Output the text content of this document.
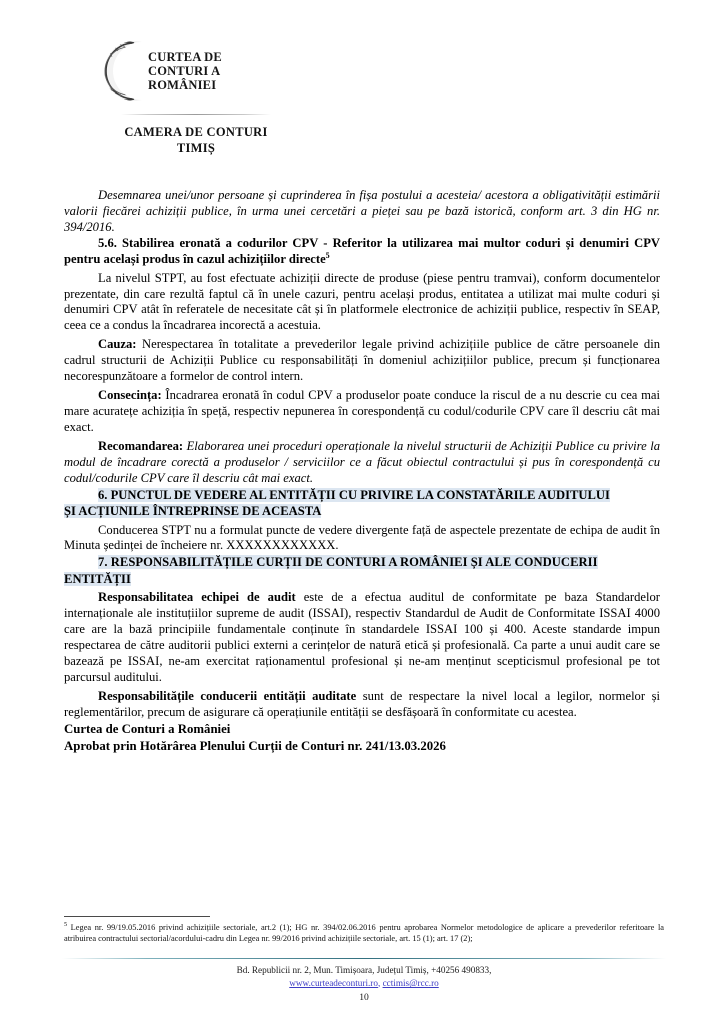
CURTEA DE
CONTURI A
ROMÂNIEI
CAMERA DE CONTURI
TIMIȘ

Desemnarea unei/unor persoane și cuprinderea în fișa postului a acesteia/ acestora a obligativității estimării valorii fiecărei achiziții publice, în urma unei cercetări a pieței sau pe bază istorică, conform art. 3 din HG nr. 394/2016.

5.6. Stabilirea eronată a codurilor CPV - Referitor la utilizarea mai multor coduri și denumiri CPV pentru același produs în cazul achizițiilor directe$^5$

La nivelul STPT, au fost efectuate achiziții directe de produse (piese pentru tramvai), conform documentelor prezentate, din care rezultă faptul că în unele cazuri, pentru același produs, entitatea a utilizat mai multe coduri și denumiri CPV atât în referatele de necesitate cât și în platformele electronice de achiziții publice, respectiv în SEAP, ceea ce a condus la încadrarea incorectă a acestuia.

Cauza: Nerespectarea în totalitate a prevederilor legale privind achizițiile publice de către persoanele din cadrul structurii de Achiziții Publice cu responsabilități în domeniul achizițiilor publice, precum și funcționarea necorespunzătoare a formelor de control intern.

Consecința: Încadrarea eronată în codul CPV a produselor poate conduce la riscul de a nu descrie cu cea mai mare acuratețe achiziția în speță, respectiv nepunerea în corespondență cu codul/codurile CPV care îl descriu cât mai exact.

Recomandarea: Elaborarea unei proceduri operaționale la nivelul structurii de Achiziții Publice cu privire la modul de încadrare corectă a produselor / serviciilor ce a făcut obiectul contractului și pus în corespondență cu codul/codurile CPV care îl descriu cât mai exact.

6. PUNCTUL DE VEDERE AL ENTITĂȚII CU PRIVIRE LA CONSTATĂRILE AUDITULUI
ȘI ACȚIUNILE ÎNTREPRINSE DE ACEASTA

Conducerea STPT nu a formulat puncte de vedere divergente față de aspectele prezentate de echipa de audit în Minuta ședinței de încheiere nr. XXXXXXXXXXXX.

7. RESPONSABILITĂȚILE CURȚII DE CONTURI A ROMÂNIEI ȘI ALE CONDUCERII
ENTITĂȚII

Responsabilitatea echipei de audit este de a efectua auditul de conformitate pe baza Standardelor internaționale ale instituțiilor supreme de audit (ISSAI), respectiv Standardul de Audit de Conformitate ISSAI 4000 care are la bază principiile fundamentale conținute în standardele ISSAI 100 și 400. Aceste standarde impun respectarea de către auditorii publici externi a cerințelor de natură etică și profesională. Ca parte a unui audit care se bazează pe ISSAI, ne-am exercitat raționamentul profesional și ne-am menținut scepticismul profesional pe tot parcursul auditului.

Responsabilitățile conducerii entității auditate sunt de respectare la nivel local a legilor, normelor și reglementărilor, precum de asigurare că operațiunile entității se desfășoară în conformitate cu acestea.

Curtea de Conturi a României

Aprobat prin Hotărârea Plenului Curții de Conturi nr. 241/13.03.2026

$^5$ Legea nr. 99/19.05.2016 privind achizițiile sectoriale, art.2 (1); HG nr. 394/02.06.2016 pentru aprobarea Normelor metodologice de aplicare a prevederilor referitoare la atribuirea contractului sectorial/acordului-cadru din Legea nr. 99/2016 privind achizițiile sectoriale, art. 15 (1); art. 17 (2);

Bd. Republicii nr. 2, Mun. Timișoara, Județul Timiș, +40256 490833,
www.curteadeconturi.ro, cctimis@rcc.ro
10
